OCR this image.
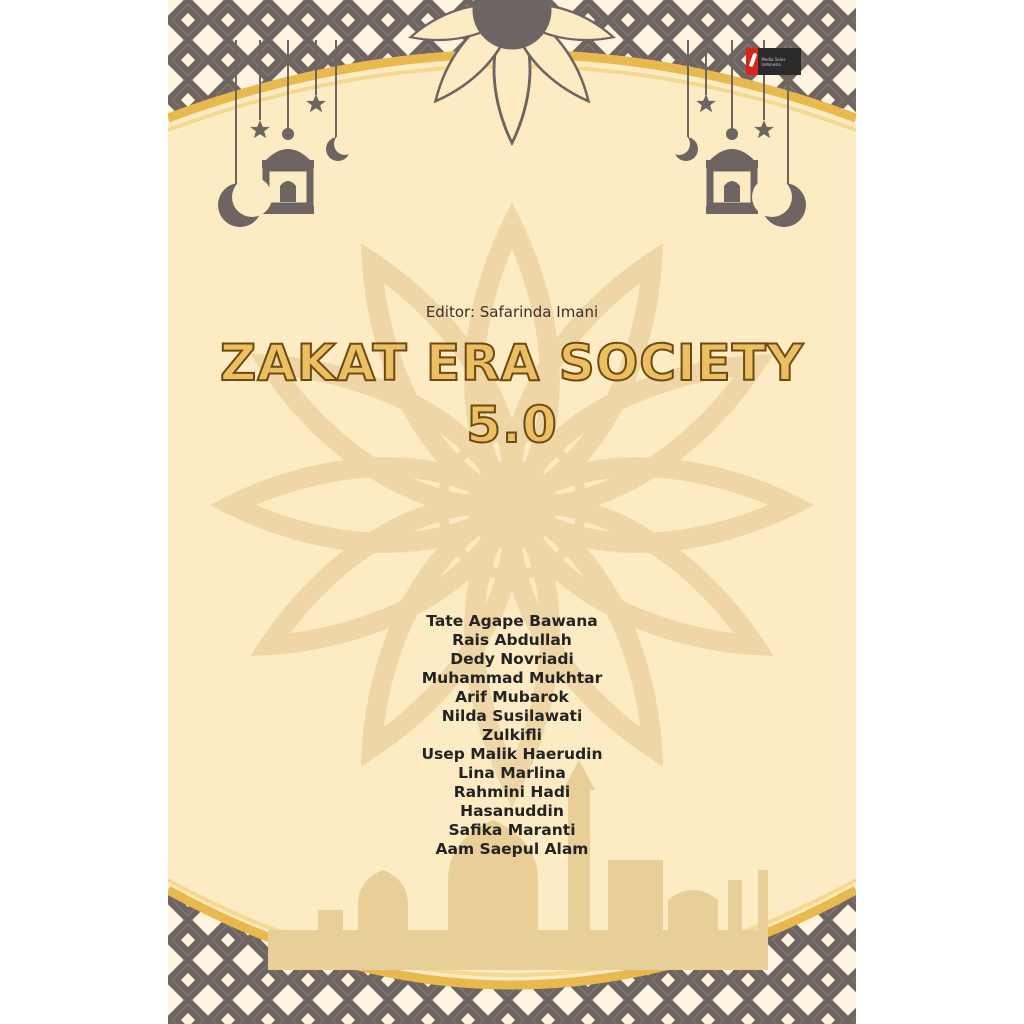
Media Sains Indonesia
Editor: Safarinda Imani
ZAKAT ERA SOCIETY
5.0
Tate Agape Bawana
Rais Abdullah
Dedy Novriadi
Muhammad Mukhtar
Arif Mubarok
Nilda Susilawati
Zulkifli
Usep Malik Haerudin
Lina Marlina
Rahmini Hadi
Hasanuddin
Safika Maranti
Aam Saepul Alam
